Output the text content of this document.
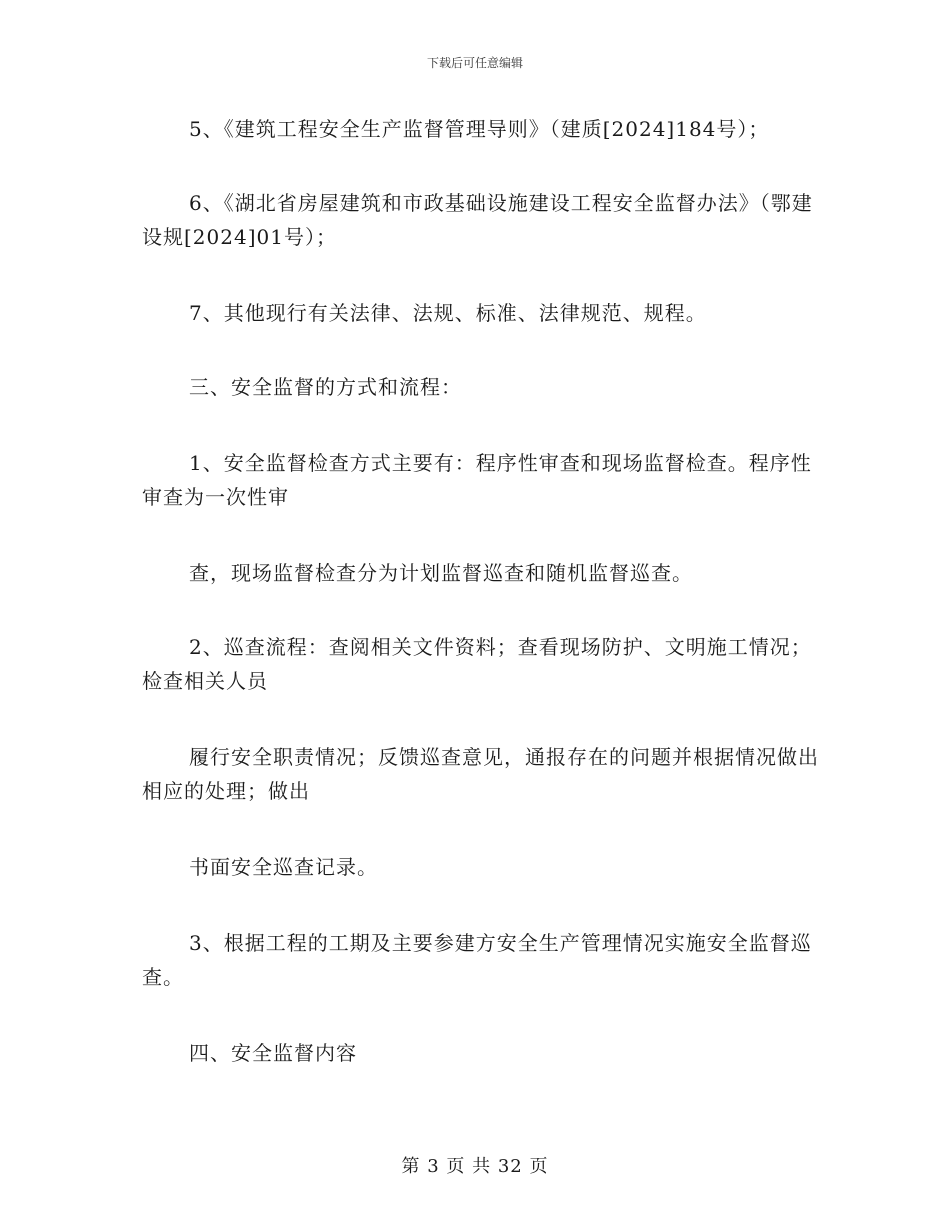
下载后可任意编辑

5、《建筑工程安全生产监督管理导则》（建质[2024]184号）；

6、《湖北省房屋建筑和市政基础设施建设工程安全监督办法》（鄂建设规[2024]01号）；

7、其他现行有关法律、法规、标准、法律规范、规程。

三、安全监督的方式和流程：

1、安全监督检查方式主要有：程序性审查和现场监督检查。程序性审查为一次性审

查，现场监督检查分为计划监督巡查和随机监督巡查。

2、巡查流程：查阅相关文件资料；查看现场防护、文明施工情况；检查相关人员

履行安全职责情况；反馈巡查意见，通报存在的问题并根据情况做出相应的处理；做出

书面安全巡查记录。

3、根据工程的工期及主要参建方安全生产管理情况实施安全监督巡查。

四、安全监督内容

第 3 页 共 32 页
